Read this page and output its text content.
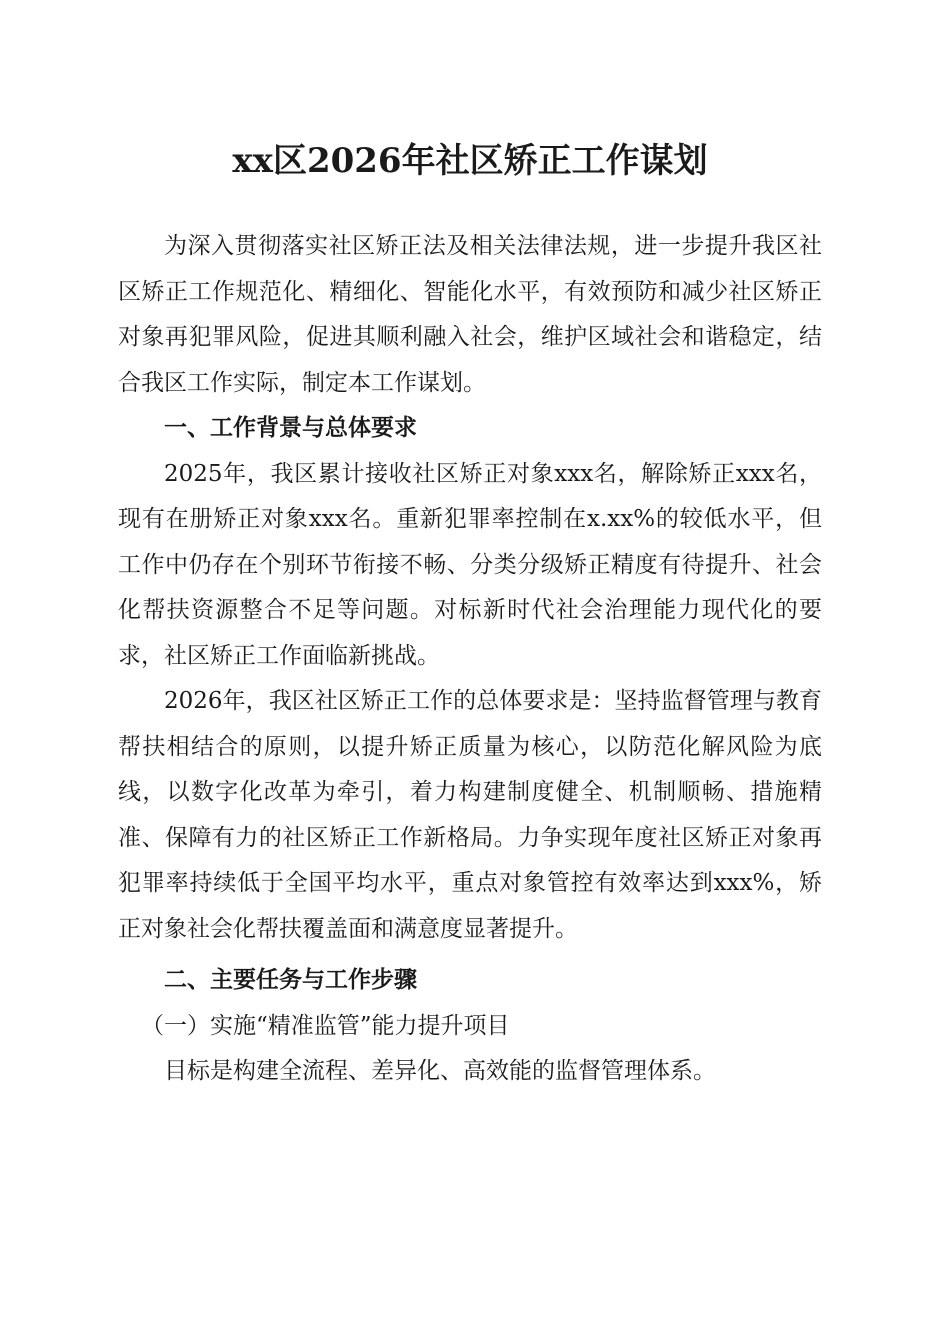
xx区2026年社区矫正工作谋划

为深入贯彻落实社区矫正法及相关法律法规，进一步提升我区社区矫正工作规范化、精细化、智能化水平，有效预防和减少社区矫正对象再犯罪风险，促进其顺利融入社会，维护区域社会和谐稳定，结合我区工作实际，制定本工作谋划。

一、工作背景与总体要求

2025年，我区累计接收社区矫正对象xxx名，解除矫正xxx名，现有在册矫正对象xxx名。重新犯罪率控制在x.xx%的较低水平，但工作中仍存在个别环节衔接不畅、分类分级矫正精度有待提升、社会化帮扶资源整合不足等问题。对标新时代社会治理能力现代化的要求，社区矫正工作面临新挑战。

2026年，我区社区矫正工作的总体要求是：坚持监督管理与教育帮扶相结合的原则，以提升矫正质量为核心，以防范化解风险为底线，以数字化改革为牵引，着力构建制度健全、机制顺畅、措施精准、保障有力的社区矫正工作新格局。力争实现年度社区矫正对象再犯罪率持续低于全国平均水平，重点对象管控有效率达到xxx%，矫正对象社会化帮扶覆盖面和满意度显著提升。

二、主要任务与工作步骤
（一）实施“精准监管”能力提升项目

目标是构建全流程、差异化、高效能的监督管理体系。
